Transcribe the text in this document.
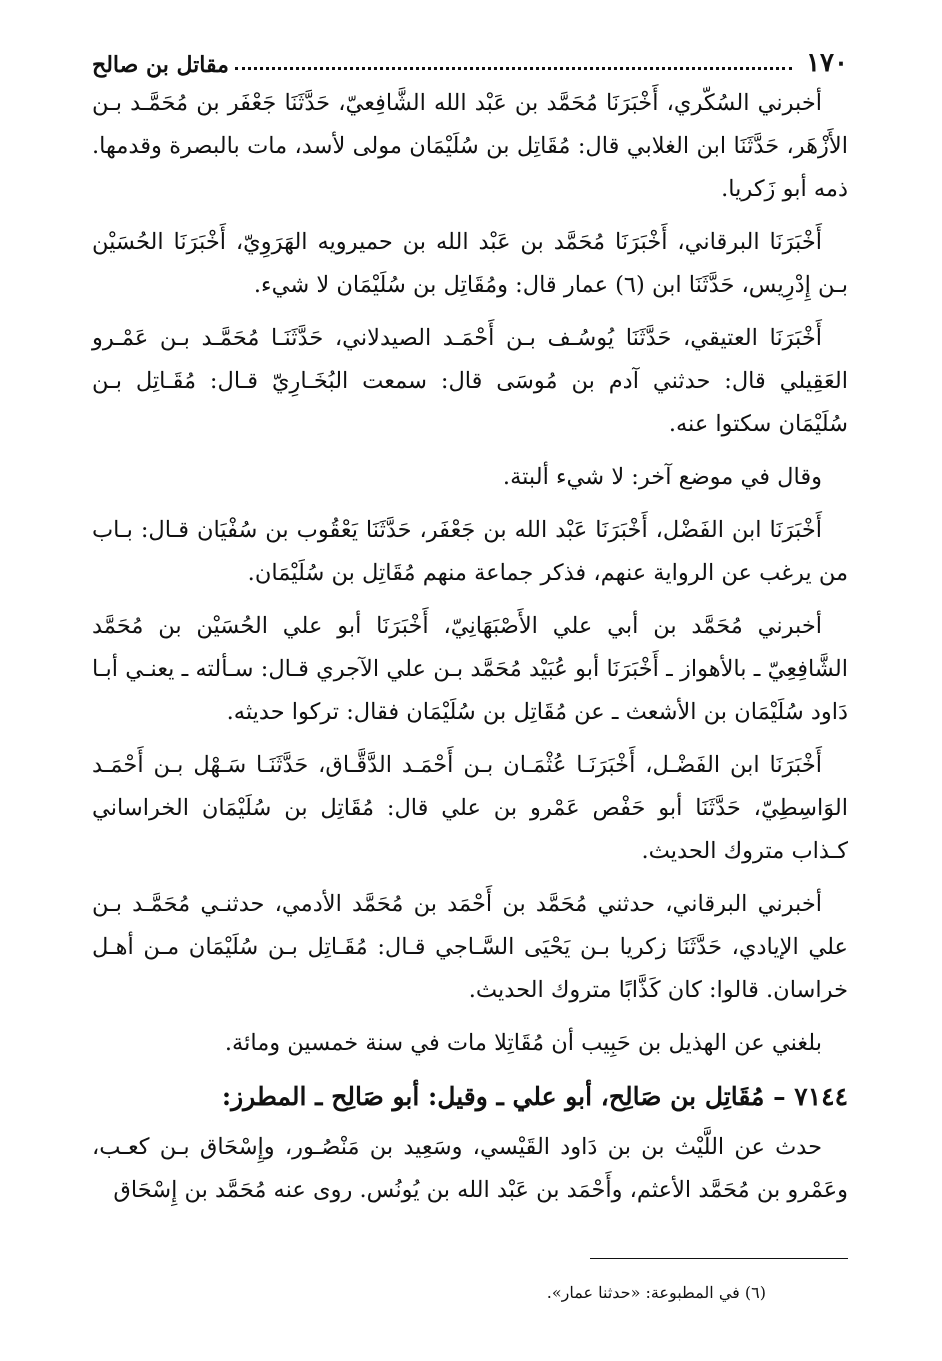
١٧٠
مقاتل بن صالح

أخبرني السُكّري، أَخْبَرَنَا مُحَمَّد بن عَبْد الله الشَّافِعيّ، حَدَّثَنَا جَعْفَر بن مُحَمَّـد بـن الأَزْهَر، حَدَّثَنَا ابن الغلابي قال: مُقَاتِل بن سُلَيْمَان مولى لأسد، مات بالبصرة وقدمها. ذمه أبو زَكريا.

أَخْبَرَنَا البرقاني، أَخْبَرَنَا مُحَمَّد بن عَبْد الله بن حميرويه الهَرَوِيّ، أَخْبَرَنَا الحُسَيْن بـن إِدْرِيس، حَدَّثَنَا ابن (٦) عمار قال: ومُقَاتِل بن سُلَيْمَان لا شيء.

أَخْبَرَنَا العتيقي، حَدَّثَنَا يُوسُـف بـن أَحْمَـد الصيدلاني، حَدَّثَنَـا مُحَمَّـد بـن عَمْـرو العَقِيلي قال: حدثني آدم بن مُوسَى قال: سمعت البُخَـارِيّ قـال: مُقَـاتِل بـن سُلَيْمَان سكتوا عنه.

وقال في موضع آخر: لا شيء ألبتة.

أَخْبَرَنَا ابن الفَضْل، أَخْبَرَنَا عَبْد الله بن جَعْفَر، حَدَّثَنَا يَعْقُوب بن سُفْيَان قـال: بـاب من يرغب عن الرواية عنهم، فذكر جماعة منهم مُقَاتِل بن سُلَيْمَان.

أخبرني مُحَمَّد بن أبي علي الأَصْبَهَانِيّ، أَخْبَرَنَا أبو علي الحُسَيْن بن مُحَمَّد الشَّافِعِيّ ـ بالأهواز ـ أَخْبَرَنَا أبو عُبَيْد مُحَمَّد بـن علي الآجري قـال: سـألته ـ يعنـي أبـا دَاود سُلَيْمَان بن الأشعث ـ عن مُقَاتِل بن سُلَيْمَان فقال: تركوا حديثه.

أَخْبَرَنَا ابن الفَضْـل، أَخْبَرَنَـا عُثْمَـان بـن أَحْمَـد الدَّقَّـاق، حَدَّثَنَـا سَـهْل بـن أَحْمَـد الوَاسِطِيّ، حَدَّثَنَا أبو حَفْص عَمْرو بن علي قال: مُقَاتِل بن سُلَيْمَان الخراساني كـذاب متروك الحديث.

أخبرني البرقاني، حدثني مُحَمَّد بن أَحْمَد بن مُحَمَّد الأدمي، حدثنـي مُحَمَّـد بـن علي الإيادي، حَدَّثَنَا زكريا بـن يَحْيَى السَّـاجي قـال: مُقَـاتِل بـن سُلَيْمَان مـن أهـل خراسان. قالوا: كان كَذَّابًا متروك الحديث.

بلغني عن الهذيل بن حَبِيب أن مُقَاتِلا مات في سنة خمسين ومائة.

٧١٤٤ – مُقَاتِل بن صَالِح، أبو علي ـ وقيل: أبو صَالِح ـ المطرز:

حدث عن اللَّيْث بن بن دَاود القَيْسي، وسَعِيد بن مَنْصُـور، وإِسْحَاق بـن كعـب، وعَمْرو بن مُحَمَّد الأعثم، وأَحْمَد بن عَبْد الله بن يُونُس. روى عنه مُحَمَّد بن إِسْحَاق

(٦) في المطبوعة: «حدثنا عمار».
